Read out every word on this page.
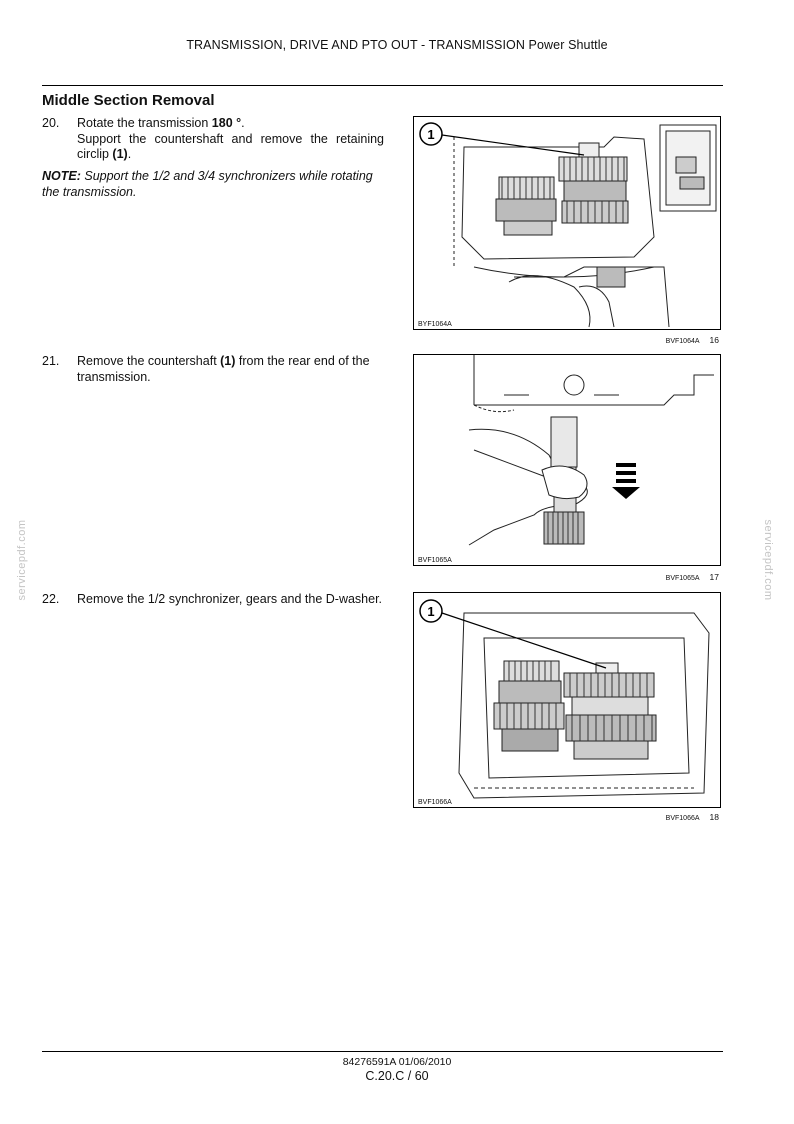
TRANSMISSION, DRIVE AND PTO OUT - TRANSMISSION Power Shuttle
Middle Section Removal
20. Rotate the transmission 180 °.
Support the countershaft and remove the retaining circlip (1).
NOTE: Support the 1/2 and 3/4 synchronizers while rotating the transmission.
1
BYF1064A
BVF1064A 16
21. Remove the countershaft (1) from the rear end of the transmission.
BVF1065A
BVF1065A 17
22. Remove the 1/2 synchronizer, gears and the D-washer.
1
BVF1066A
BVF1066A 18
servicepdf.com	servicepdf.com
84276591A 01/06/2010
C.20.C / 60
